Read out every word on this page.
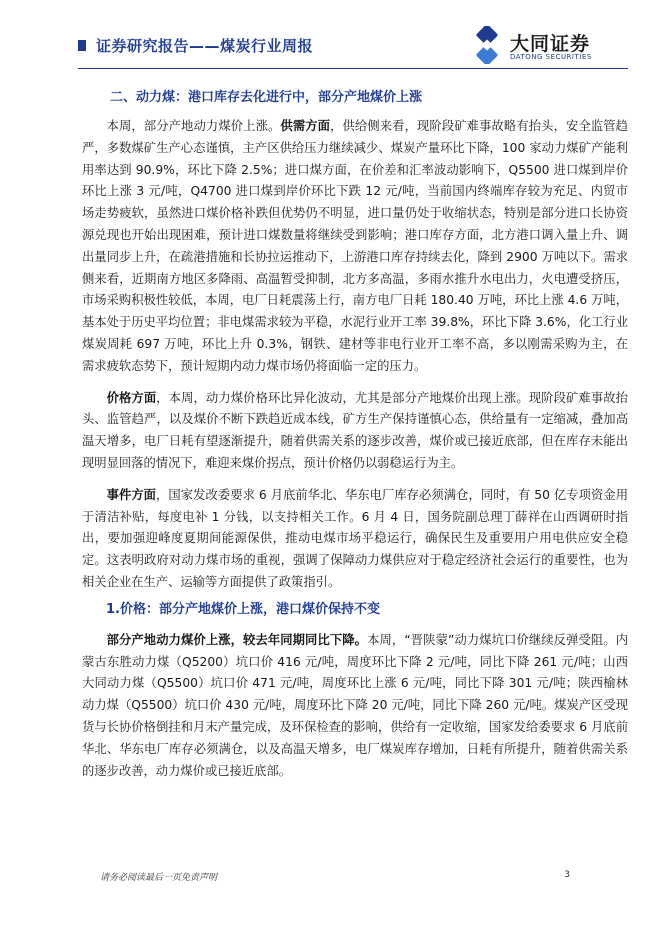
证券研究报告——煤炭行业周报	大同证券
DATONG SECURITIES
二、动力煤：港口库存去化进行中，部分产地煤价上涨

本周，部分产地动力煤价上涨。供需方面，供给侧来看，现阶段矿难事故略有抬头，安全监管趋严，多数煤矿生产心态谨慎，主产区供给压力继续减少、煤炭产量环比下降，100 家动力煤矿产能利用率达到 90.9%，环比下降 2.5%；进口煤方面，在价差和汇率波动影响下，Q5500 进口煤到岸价环比上涨 3 元/吨，Q4700 进口煤到岸价环比下跌 12 元/吨，当前国内终端库存较为充足、内贸市场走势疲软，虽然进口煤价格补跌但优势仍不明显，进口量仍处于收缩状态，特别是部分进口长协资源兑现也开始出现困难，预计进口煤数量将继续受到影响；港口库存方面，北方港口调入量上升、调出量同步上升，在疏港措施和长协拉运推动下，上游港口库存持续去化，降到 2900 万吨以下。需求侧来看，近期南方地区多降雨、高温暂受抑制，北方多高温，多雨水推升水电出力，火电遭受挤压，市场采购积极性较低，本周，电厂日耗震荡上行，南方电厂日耗 180.40 万吨，环比上涨 4.6 万吨，基本处于历史平均位置；非电煤需求较为平稳，水泥行业开工率 39.8%，环比下降 3.6%，化工行业煤炭周耗 697 万吨，环比上升 0.3%，钢铁、建材等非电行业开工率不高，多以刚需采购为主，在需求疲软态势下，预计短期内动力煤市场仍将面临一定的压力。

价格方面，本周，动力煤价格环比异化波动，尤其是部分产地煤价出现上涨。现阶段矿难事故抬头、监管趋严，以及煤价不断下跌趋近成本线，矿方生产保持谨慎心态，供给量有一定缩减，叠加高温天增多，电厂日耗有望逐渐提升，随着供需关系的逐步改善，煤价或已接近底部，但在库存未能出现明显回落的情况下，难迎来煤价拐点，预计价格仍以弱稳运行为主。

事件方面，国家发改委要求 6 月底前华北、华东电厂库存必须满仓，同时，有 50 亿专项资金用于清洁补贴，每度电补 1 分钱，以支持相关工作。6 月 4 日，国务院副总理丁薛祥在山西调研时指出，要加强迎峰度夏期间能源保供，推动电煤市场平稳运行，确保民生及重要用户用电供应安全稳定。这表明政府对动力煤市场的重视，强调了保障动力煤供应对于稳定经济社会运行的重要性，也为相关企业在生产、运输等方面提供了政策指引。

1.价格：部分产地煤价上涨，港口煤价保持不变

部分产地动力煤价上涨，较去年同期同比下降。本周，“晋陕蒙”动力煤坑口价继续反弹受阻。内蒙古东胜动力煤（Q5200）坑口价 416 元/吨，周度环比下降 2 元/吨，同比下降 261 元/吨；山西大同动力煤（Q5500）坑口价 471 元/吨，周度环比上涨 6 元/吨，同比下降 301 元/吨；陕西榆林动力煤（Q5500）坑口价 430 元/吨，周度环比下降 20 元/吨，同比下降 260 元/吨。煤炭产区受现货与长协价格倒挂和月末产量完成，及环保检查的影响，供给有一定收缩，国家发给委要求 6 月底前华北、华东电厂库存必须满仓，以及高温天增多，电厂煤炭库存增加，日耗有所提升，随着供需关系的逐步改善，动力煤价或已接近底部。

请务必阅读最后一页免责声明	3
